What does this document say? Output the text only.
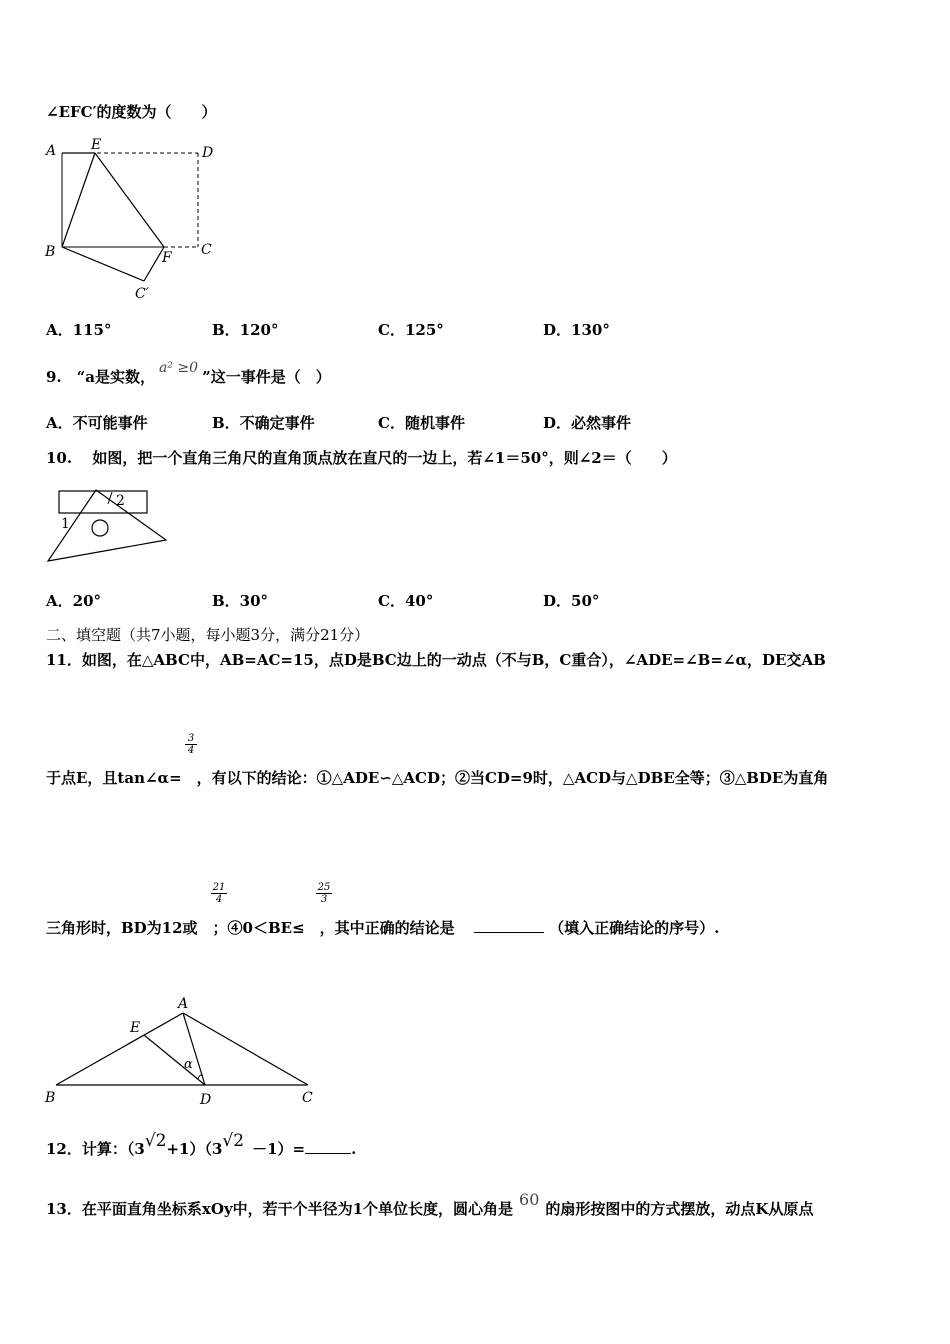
∠EFC′的度数为（　　）
A E	D
B	C
F
C′
A．115°	B．120°	C．125°	D．130°
9.　“a是实数， a² ≥0 ”这一事件是（　）
A．不可能事件	B．不确定事件	C．随机事件	D．必然事件
10.　 如图，把一个直角三角尺的直角顶点放在直尺的一边上，若∠1＝50°，则∠2＝（　　）
1
2
A．20°	B．30°	C．40°	D．50°
二、填空题（共7小题，每小题3分，满分21分）
11．如图，在△ABC中，AB=AC=15，点D是BC边上的一动点（不与B，C重合），∠ADE=∠B=∠α，DE交AB
$\frac{3}{4}$
于点E，且tan∠α=　，有以下的结论：①△ADE∽△ACD；②当CD=9时，△ACD与△DBE全等；③△BDE为直角
$\frac{21}{4}$	$\frac{25}{3}$
三角形时，BD为12或　；④0＜BE≤　，其中正确的结论是	（填入正确结论的序号）.
A
E
α
B	D	C
12．计算：（3√2+1）（3√2 －1）=	.
13．在平面直角坐标系xOy中，若干个半径为1个单位长度，圆心角是 60 的扇形按图中的方式摆放，动点K从原点
